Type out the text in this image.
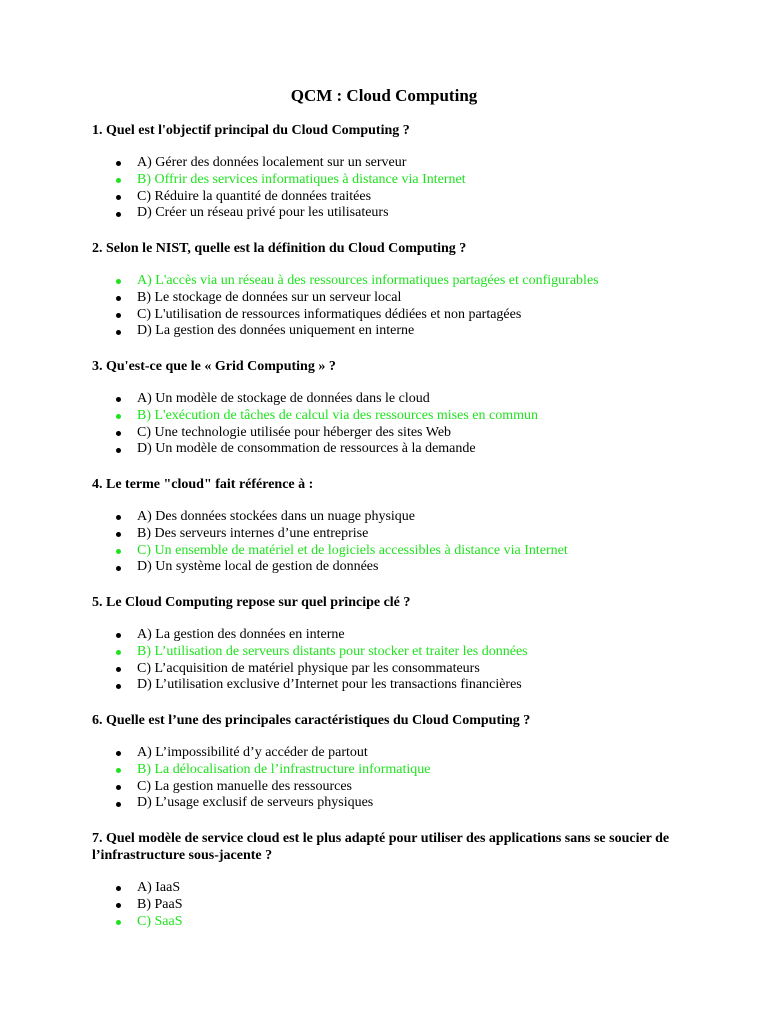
QCM : Cloud Computing
1. Quel est l'objectif principal du Cloud Computing ?
A) Gérer des données localement sur un serveur
B) Offrir des services informatiques à distance via Internet
C) Réduire la quantité de données traitées
D) Créer un réseau privé pour les utilisateurs
2. Selon le NIST, quelle est la définition du Cloud Computing ?
A) L'accès via un réseau à des ressources informatiques partagées et configurables
B) Le stockage de données sur un serveur local
C) L'utilisation de ressources informatiques dédiées et non partagées
D) La gestion des données uniquement en interne
3. Qu'est-ce que le « Grid Computing » ?
A) Un modèle de stockage de données dans le cloud
B) L'exécution de tâches de calcul via des ressources mises en commun
C) Une technologie utilisée pour héberger des sites Web
D) Un modèle de consommation de ressources à la demande
4. Le terme "cloud" fait référence à :
A) Des données stockées dans un nuage physique
B) Des serveurs internes d’une entreprise
C) Un ensemble de matériel et de logiciels accessibles à distance via Internet
D) Un système local de gestion de données
5. Le Cloud Computing repose sur quel principe clé ?
A) La gestion des données en interne
B) L’utilisation de serveurs distants pour stocker et traiter les données
C) L’acquisition de matériel physique par les consommateurs
D) L’utilisation exclusive d’Internet pour les transactions financières
6. Quelle est l’une des principales caractéristiques du Cloud Computing ?
A) L’impossibilité d’y accéder de partout
B) La délocalisation de l’infrastructure informatique
C) La gestion manuelle des ressources
D) L’usage exclusif de serveurs physiques
7. Quel modèle de service cloud est le plus adapté pour utiliser des applications sans se soucier de l’infrastructure sous-jacente ?
A) IaaS
B) PaaS
C) SaaS
